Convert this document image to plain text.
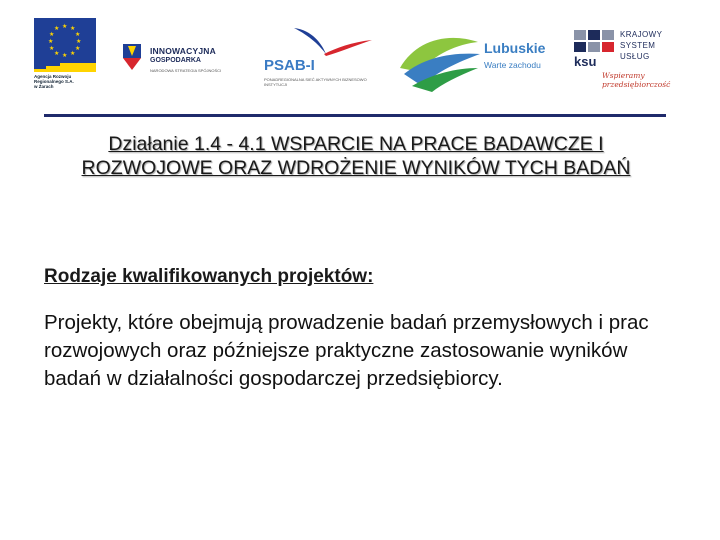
★ ★
★
★
★
★
★
★
★
★
★
★
Agencja Rozwoju
Regionalnego S.A.
w Żarach
INNOWACYJNA
GOSPODARKA
NARODOWA STRATEGIA SPÓJNOŚCI	PSAB-I
PONADREGIONALNA SIEĆ AKTYWNYCH BIZNESOWO INSTYTUCJI
Lubuskie
Warte zachodu
KRAJOWY
SYSTEM
USŁUG
ksu
Wspieramy przedsiębiorczość
Działanie 1.4 - 4.1 WSPARCIE NA PRACE BADAWCZE I ROZWOJOWE ORAZ WDROŻENIE WYNIKÓW TYCH BADAŃ
Rodzaje kwalifikowanych projektów:
Projekty, które obejmują prowadzenie badań przemysłowych i prac rozwojowych oraz późniejsze praktyczne zastosowanie wyników badań w działalności gospodarczej przedsiębiorcy.
